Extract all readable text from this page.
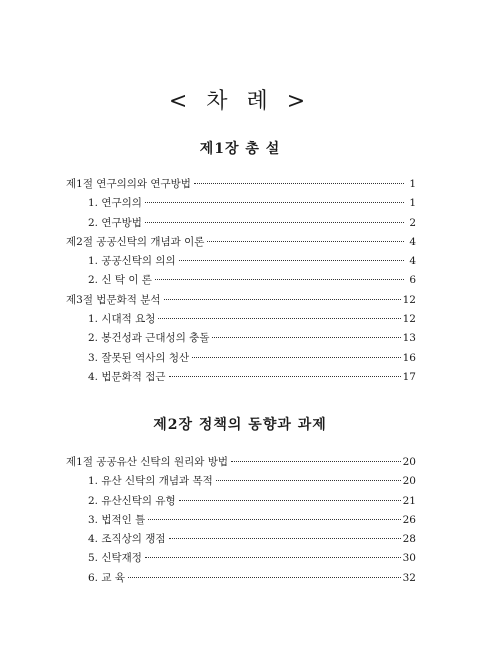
< 차 례 >
제1장 총 설
제1절 연구의의와 연구방법	1
1. 연구의의	1
2. 연구방법	2
제2절 공공신탁의 개념과 이론	4
1. 공공신탁의 의의	4
2. 신 탁 이 론	6
제3절 법문화적 분석	12
1. 시대적 요청	12
2. 봉건성과 근대성의 충돌	13
3. 잘못된 역사의 청산	16
4. 법문화적 접근	17
제2장 정책의 동향과 과제
제1절 공공유산 신탁의 원리와 방법	20
1. 유산 신탁의 개념과 목적	20
2. 유산신탁의 유형	21
3. 법적인 틀	26
4. 조직상의 쟁점	28
5. 신탁재정	30
6. 교 육	32
